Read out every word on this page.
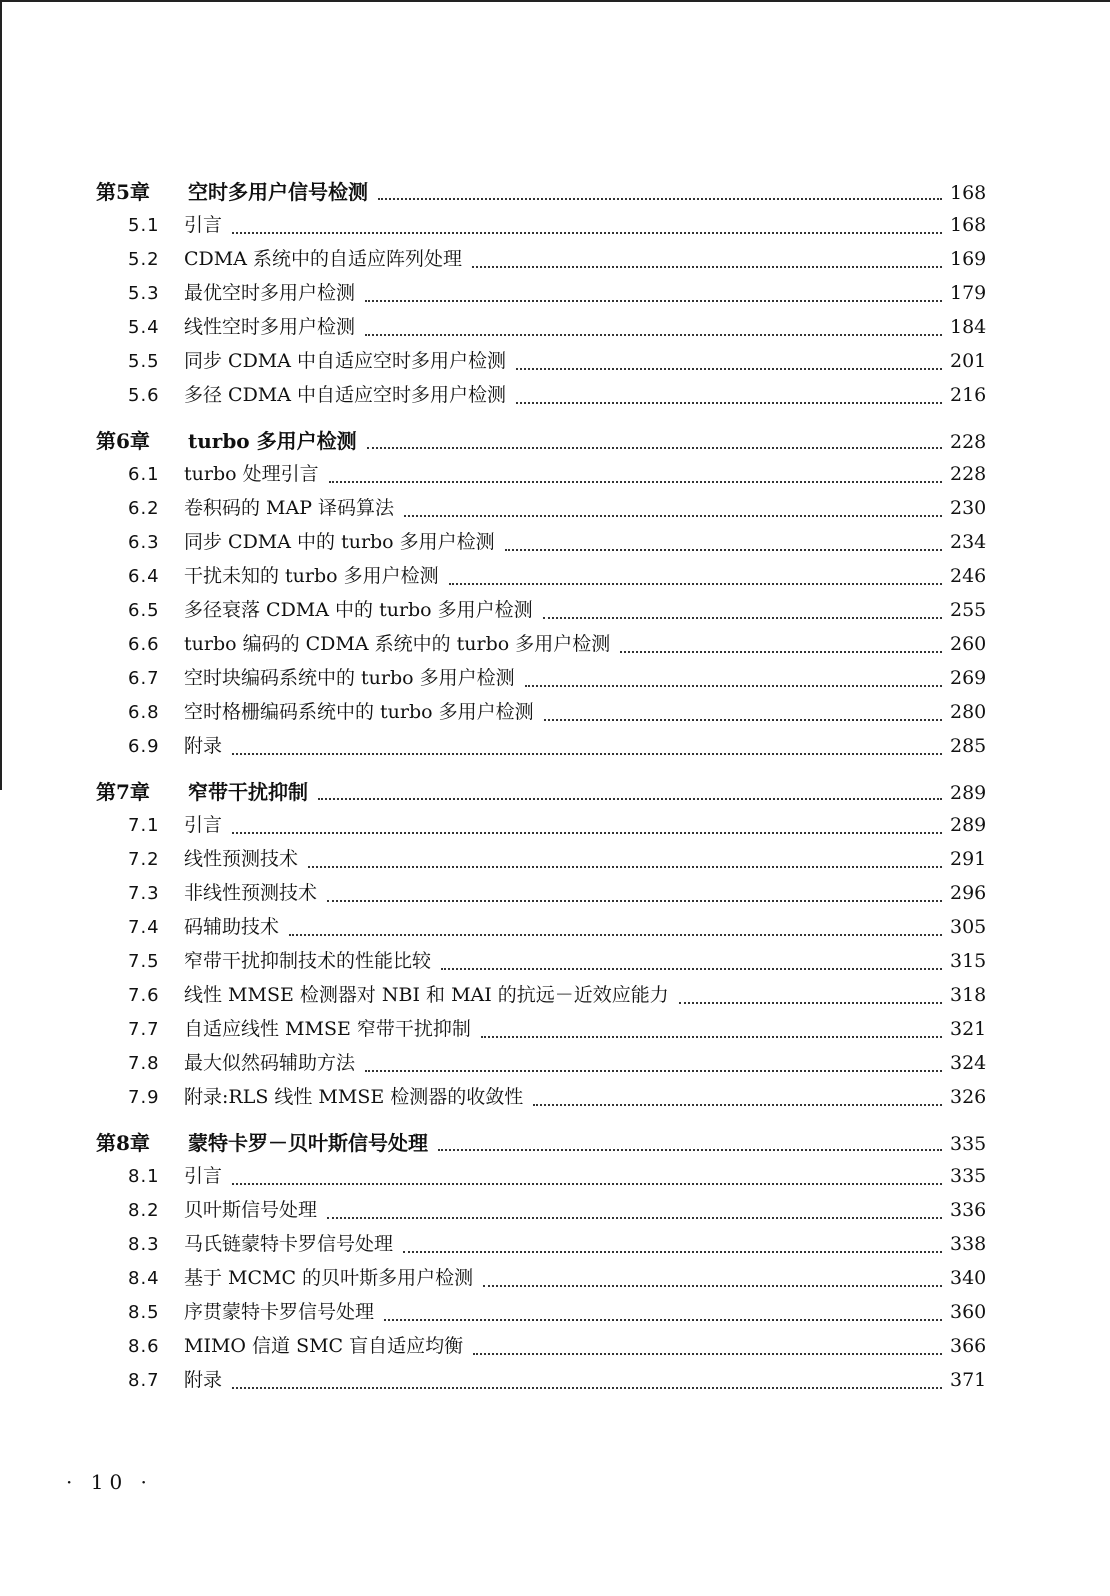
第5章	空时多用户信号检测	168
5.1	引言	168
5.2	CDMA 系统中的自适应阵列处理	169
5.3	最优空时多用户检测	179
5.4	线性空时多用户检测	184
5.5	同步 CDMA 中自适应空时多用户检测	201
5.6	多径 CDMA 中自适应空时多用户检测	216
第6章	turbo 多用户检测	228
6.1	turbo 处理引言	228
6.2	卷积码的 MAP 译码算法	230
6.3	同步 CDMA 中的 turbo 多用户检测	234
6.4	干扰未知的 turbo 多用户检测	246
6.5	多径衰落 CDMA 中的 turbo 多用户检测	255
6.6	turbo 编码的 CDMA 系统中的 turbo 多用户检测	260
6.7	空时块编码系统中的 turbo 多用户检测	269
6.8	空时格栅编码系统中的 turbo 多用户检测	280
6.9	附录	285
第7章	窄带干扰抑制	289
7.1	引言	289
7.2	线性预测技术	291
7.3	非线性预测技术	296
7.4	码辅助技术	305
7.5	窄带干扰抑制技术的性能比较	315
7.6	线性 MMSE 检测器对 NBI 和 MAI 的抗远－近效应能力	318
7.7	自适应线性 MMSE 窄带干扰抑制	321
7.8	最大似然码辅助方法	324
7.9	附录:RLS 线性 MMSE 检测器的收敛性	326
第8章	蒙特卡罗－贝叶斯信号处理	335
8.1	引言	335
8.2	贝叶斯信号处理	336
8.3	马氏链蒙特卡罗信号处理	338
8.4	基于 MCMC 的贝叶斯多用户检测	340
8.5	序贯蒙特卡罗信号处理	360
8.6	MIMO 信道 SMC 盲自适应均衡	366
8.7	附录	371
· 10 ·
